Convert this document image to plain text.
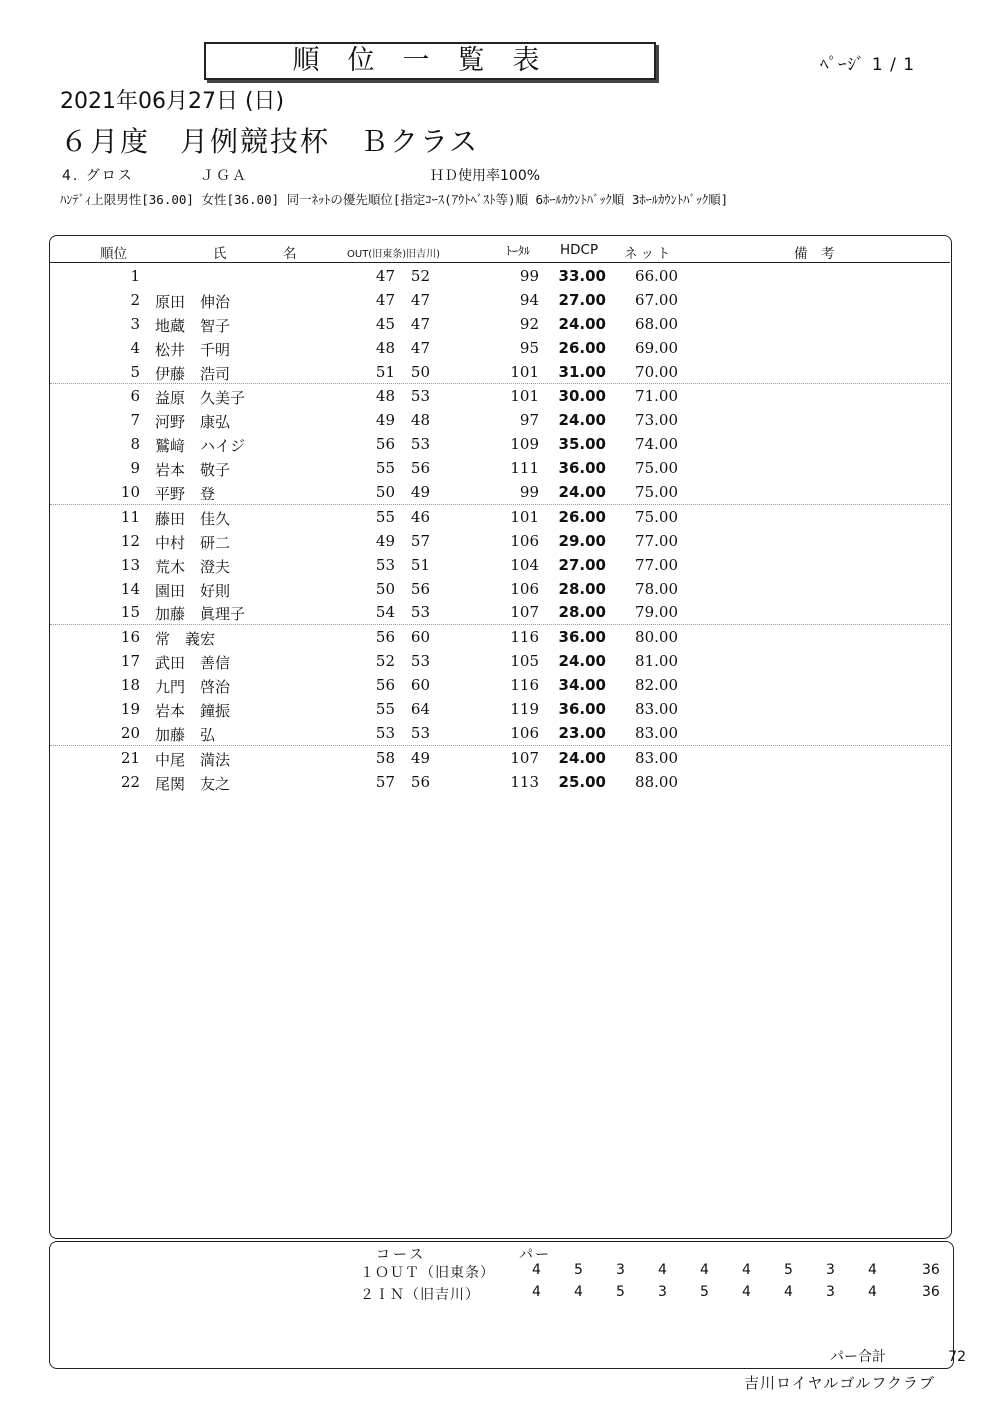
順位一覧表	ﾍﾟｰｼﾞ 1 / 1
2021年06月27日 (日)
６月度　月例競技杯　Ｂクラス
4. グロス	ＪＧＡ	ＨＤ使用率100%
ﾊﾝﾃﾞｨ上限男性[36.00] 女性[36.00] 同一ﾈｯﾄの優先順位[指定ｺｰｽ(ｱｳﾄﾍﾞｽﾄ等)順 6ﾎｰﾙｶｳﾝﾄﾊﾞｯｸ順 3ﾎｰﾙｶｳﾝﾄﾊﾞｯｸ順]
順位	氏	名	OUT(旧東条)旧吉川)	ﾄｰﾀﾙ HDCP ネット	備　考
1	47	52	99 33.00	66.00
2 原田　伸治	47	47	94 27.00	67.00
3 地蔵　智子	45	47	92 24.00	68.00
4 松井　千明	48	47	95 26.00	69.00
5 伊藤　浩司	51	50	101 31.00	70.00
6 益原　久美子	48	53	101 30.00	71.00
7 河野　康弘	49	48	97 24.00	73.00
8 鷲﨑　ハイジ	56	53	109 35.00	74.00
9 岩本　敬子	55	56	111 36.00	75.00
10 平野　登	50	49	99 24.00	75.00
11 藤田　佳久	55	46	101 26.00	75.00
12 中村　研二	49	57	106 29.00	77.00
13 荒木　澄夫	53	51	104 27.00	77.00
14 園田　好則	50	56	106 28.00	78.00
15 加藤　眞理子	54	53	107 28.00	79.00
16 常　義宏	56	60	116 36.00	80.00
17 武田　善信	52	53	105 24.00	81.00
18 九門　啓治	56	60	116 34.00	82.00
19 岩本　鐘振	55	64	119 36.00	83.00
20 加藤　弘	53	53	106 23.00	83.00
21 中尾　満法	58	49	107 24.00	83.00
22 尾関　友之	57	56	113 25.00	88.00
コース	パー
１ＯＵＴ（旧東条）	4 5 3 4 4 4 5 3 4	36
２ＩＮ（旧吉川）	4 4 5 3 5 4 4 3 4	36
パー合計	72
吉川ロイヤルゴルフクラブ
